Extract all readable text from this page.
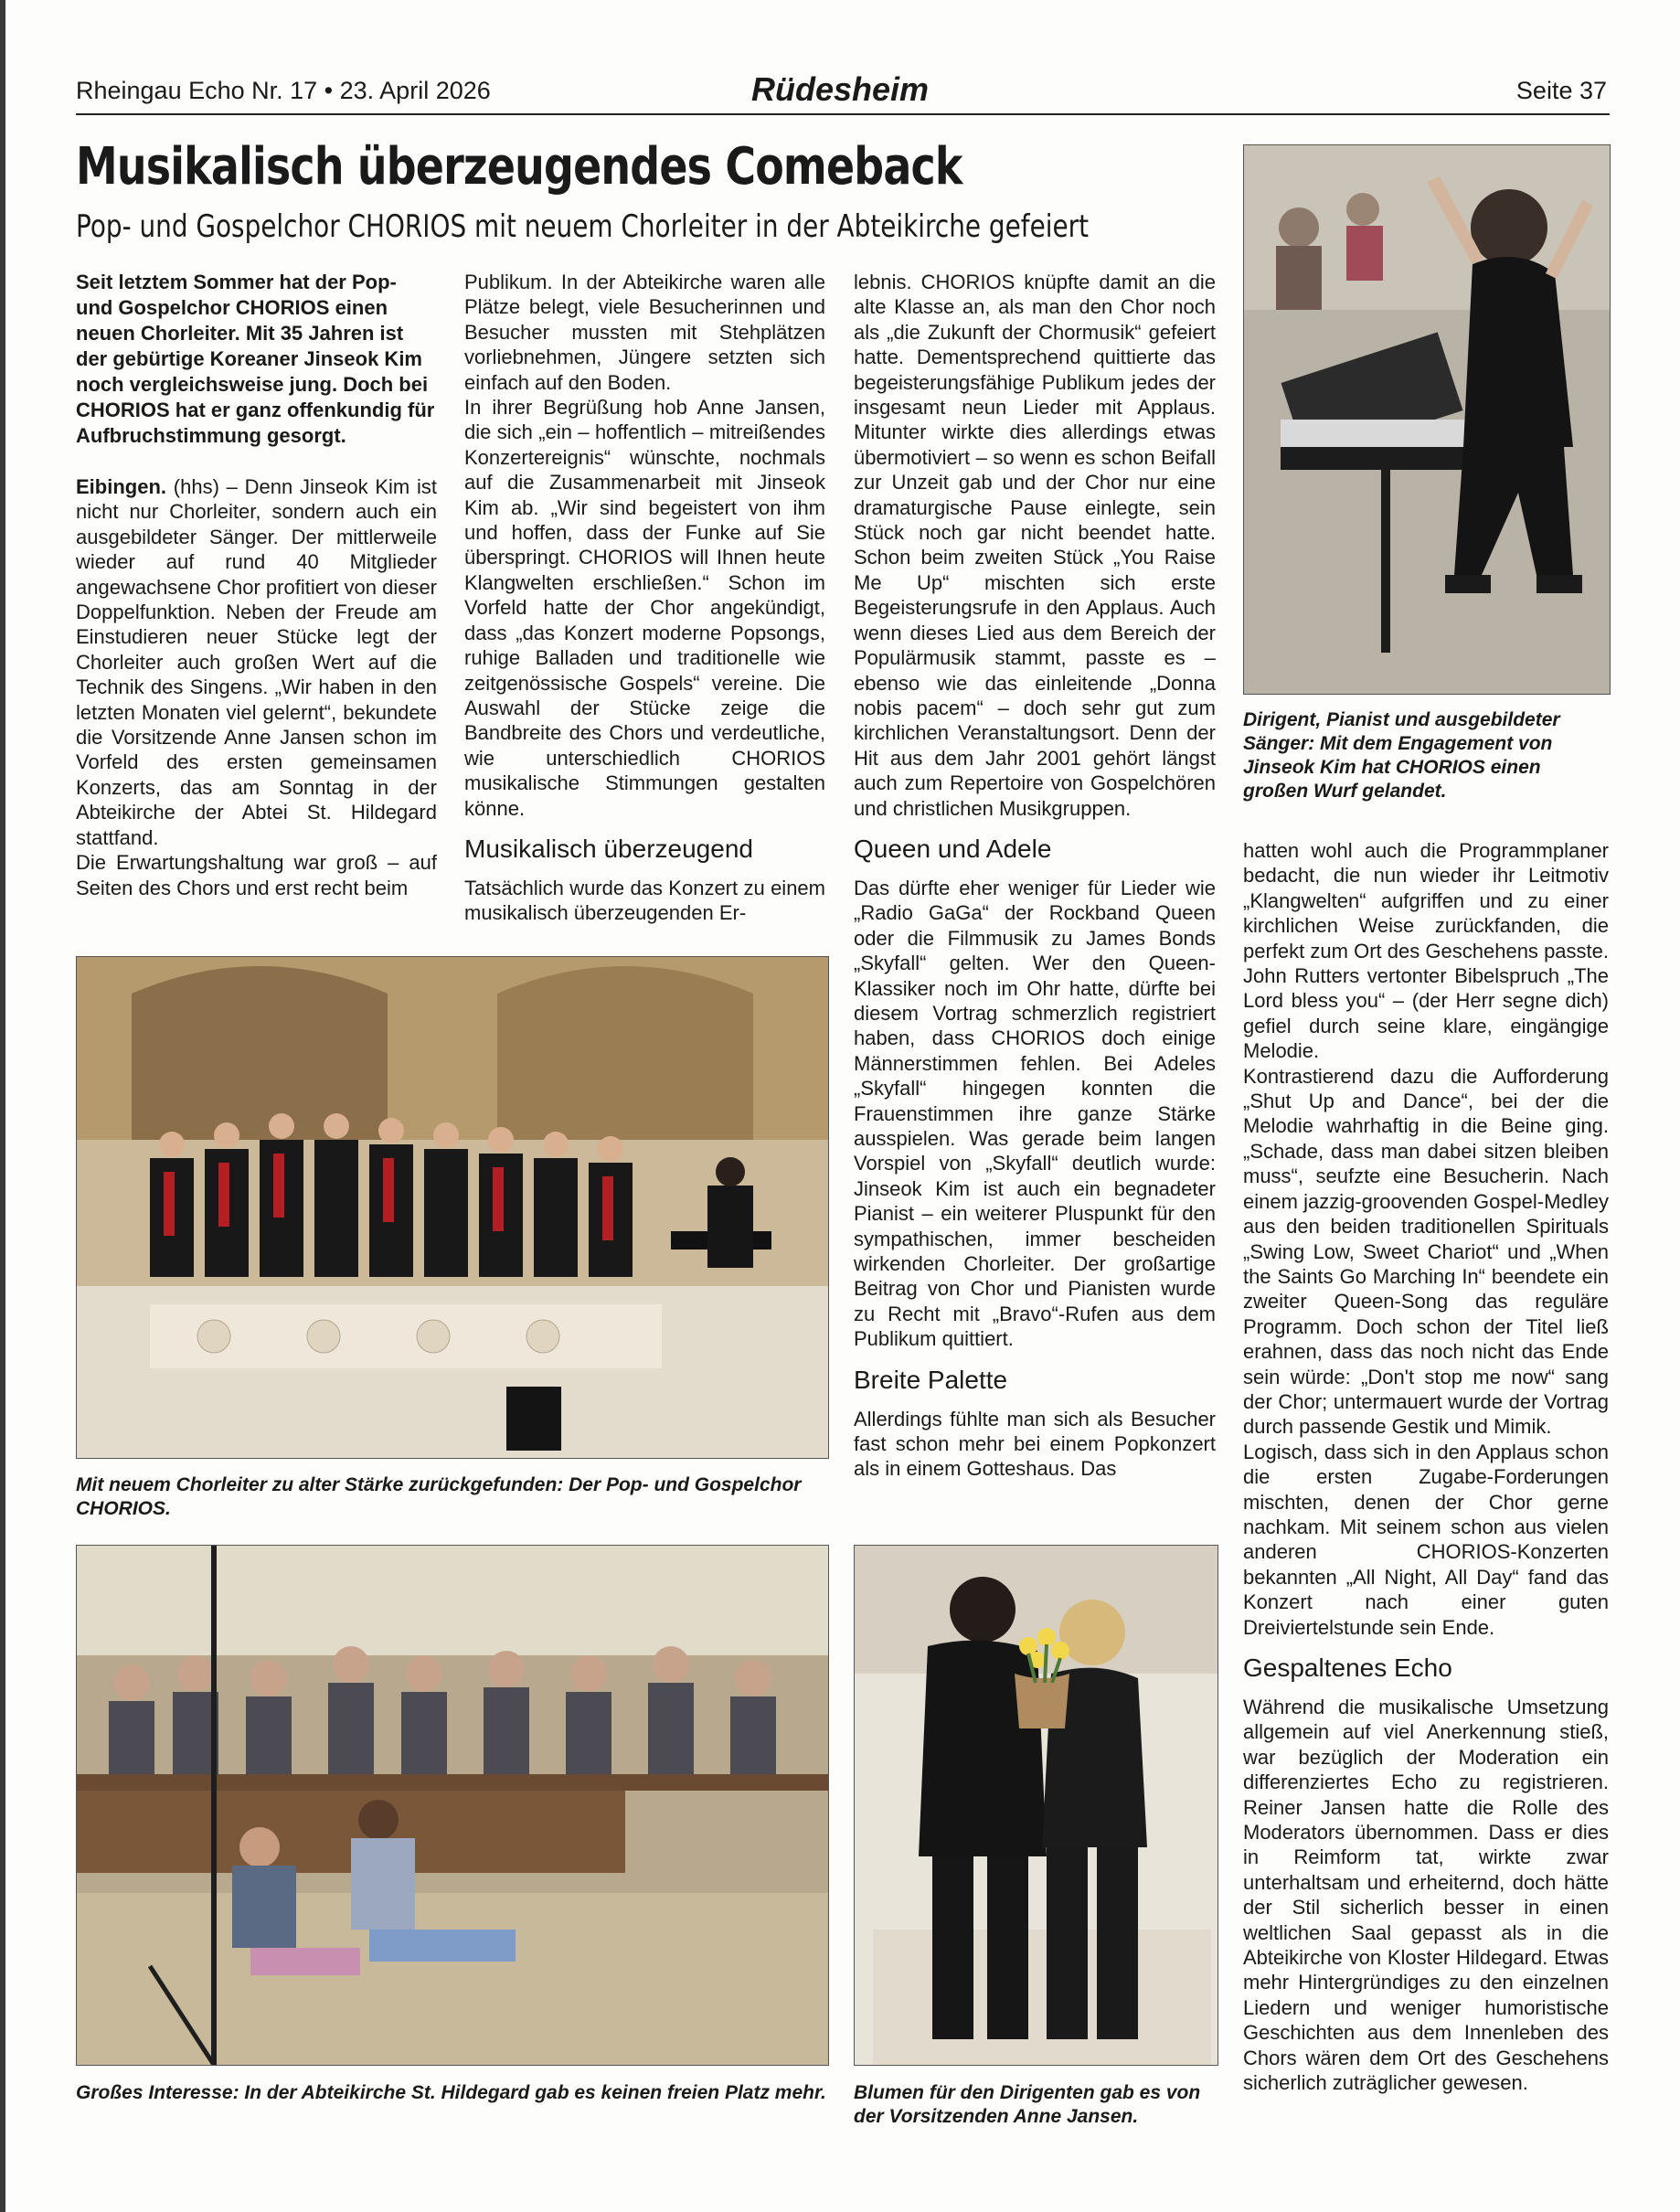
Rheingau Echo Nr. 17 • 23. April 2026	Rüdesheim	Seite 37
Musikalisch überzeugendes Comeback
Pop- und Gospelchor CHORIOS mit neuem Chorleiter in der Abteikirche gefeiert

Seit letztem Sommer hat der Pop- und Gospelchor CHORIOS einen neuen Chorleiter. Mit 35 Jahren ist der gebürtige Koreaner Jinseok Kim noch vergleichsweise jung. Doch bei CHORIOS hat er ganz offenkundig für Aufbruchstimmung gesorgt.

Eibingen. (hhs) – Denn Jinseok Kim ist nicht nur Chorleiter, sondern auch ein ausgebildeter Sänger. Der mittlerweile wieder auf rund 40 Mitglieder angewachsene Chor profitiert von dieser Doppelfunktion. Neben der Freude am Einstudieren neuer Stücke legt der Chorleiter auch großen Wert auf die Technik des Singens. „Wir haben in den letzten Monaten viel gelernt“, bekundete die Vorsitzende Anne Jansen schon im Vorfeld des ersten gemeinsamen Konzerts, das am Sonntag in der Abteikirche der Abtei St. Hildegard stattfand.

Die Erwartungshaltung war groß – auf Seiten des Chors und erst recht beim

Publikum. In der Abteikirche waren alle Plätze belegt, viele Besucherinnen und Besucher mussten mit Stehplätzen vorliebnehmen, Jüngere setzten sich einfach auf den Boden.

In ihrer Begrüßung hob Anne Jansen, die sich „ein – hoffentlich – mitreißendes Konzertereignis“ wünschte, nochmals auf die Zusammenarbeit mit Jinseok Kim ab. „Wir sind begeistert von ihm und hoffen, dass der Funke auf Sie überspringt. CHORIOS will Ihnen heute Klangwelten erschließen.“ Schon im Vorfeld hatte der Chor angekündigt, dass „das Konzert moderne Popsongs, ruhige Balladen und traditionelle wie zeitgenössische Gospels“ vereine. Die Auswahl der Stücke zeige die Bandbreite des Chors und verdeutliche, wie unterschiedlich CHORIOS musikalische Stimmungen gestalten könne.

Musikalisch überzeugend

Tatsächlich wurde das Konzert zu einem musikalisch überzeugenden Er-

lebnis. CHORIOS knüpfte damit an die alte Klasse an, als man den Chor noch als „die Zukunft der Chormusik“ gefeiert hatte. Dementsprechend quittierte das begeisterungsfähige Publikum jedes der insgesamt neun Lieder mit Applaus. Mitunter wirkte dies allerdings etwas übermotiviert – so wenn es schon Beifall zur Unzeit gab und der Chor nur eine dramaturgische Pause einlegte, sein Stück noch gar nicht beendet hatte. Schon beim zweiten Stück „You Raise Me Up“ mischten sich erste Begeisterungsrufe in den Applaus. Auch wenn dieses Lied aus dem Bereich der Populärmusik stammt, passte es – ebenso wie das einleitende „Donna nobis pacem“ – doch sehr gut zum kirchlichen Veranstaltungsort. Denn der Hit aus dem Jahr 2001 gehört längst auch zum Repertoire von Gospelchören und christlichen Musikgruppen.

Queen und Adele

Das dürfte eher weniger für Lieder wie „Radio GaGa“ der Rockband Queen oder die Filmmusik zu James Bonds „Skyfall“ gelten. Wer den Queen-Klassiker noch im Ohr hatte, dürfte bei diesem Vortrag schmerzlich registriert haben, dass CHORIOS doch einige Männerstimmen fehlen. Bei Adeles „Skyfall“ hingegen konnten die Frauenstimmen ihre ganze Stärke ausspielen. Was gerade beim langen Vorspiel von „Skyfall“ deutlich wurde: Jinseok Kim ist auch ein begnadeter Pianist – ein weiterer Pluspunkt für den sympathischen, immer bescheiden wirkenden Chorleiter. Der großartige Beitrag von Chor und Pianisten wurde zu Recht mit „Bravo“-Rufen aus dem Publikum quittiert.

Breite Palette

Allerdings fühlte man sich als Besucher fast schon mehr bei einem Popkonzert als in einem Gotteshaus. Das

hatten wohl auch die Programmplaner bedacht, die nun wieder ihr Leitmotiv „Klangwelten“ aufgriffen und zu einer kirchlichen Weise zurückfanden, die perfekt zum Ort des Geschehens passte. John Rutters vertonter Bibelspruch „The Lord bless you“ – (der Herr segne dich) gefiel durch seine klare, eingängige Melodie.

Kontrastierend dazu die Aufforderung „Shut Up and Dance“, bei der die Melodie wahrhaftig in die Beine ging. „Schade, dass man dabei sitzen bleiben muss“, seufzte eine Besucherin. Nach einem jazzig-groovenden Gospel-Medley aus den beiden traditionellen Spirituals „Swing Low, Sweet Chariot“ und „When the Saints Go Marching In“ beendete ein zweiter Queen-Song das reguläre Programm. Doch schon der Titel ließ erahnen, dass das noch nicht das Ende sein würde: „Don't stop me now“ sang der Chor; untermauert wurde der Vortrag durch passende Gestik und Mimik.

Logisch, dass sich in den Applaus schon die ersten Zugabe-Forderungen mischten, denen der Chor gerne nachkam. Mit seinem schon aus vielen anderen CHORIOS-Konzerten bekannten „All Night, All Day“ fand das Konzert nach einer guten Dreiviertelstunde sein Ende.

Gespaltenes Echo

Während die musikalische Umsetzung allgemein auf viel Anerkennung stieß, war bezüglich der Moderation ein differenziertes Echo zu registrieren. Reiner Jansen hatte die Rolle des Moderators übernommen. Dass er dies in Reimform tat, wirkte zwar unterhaltsam und erheiternd, doch hätte der Stil sicherlich besser in einen weltlichen Saal gepasst als in die Abteikirche von Kloster Hildegard. Etwas mehr Hintergründiges zu den einzelnen Liedern und weniger humoristische Geschichten aus dem Innenleben des Chors wären dem Ort des Geschehens sicherlich zuträglicher gewesen.

Dirigent, Pianist und ausgebildeter Sänger: Mit dem Engagement von Jinseok Kim hat CHORIOS einen großen Wurf gelandet.
Mit neuem Chorleiter zu alter Stärke zurückgefunden: Der Pop- und Gospelchor CHORIOS.
Großes Interesse: In der Abteikirche St. Hildegard gab es keinen freien Platz mehr. Blumen für den Dirigenten gab es von der Vorsitzenden Anne Jansen.
